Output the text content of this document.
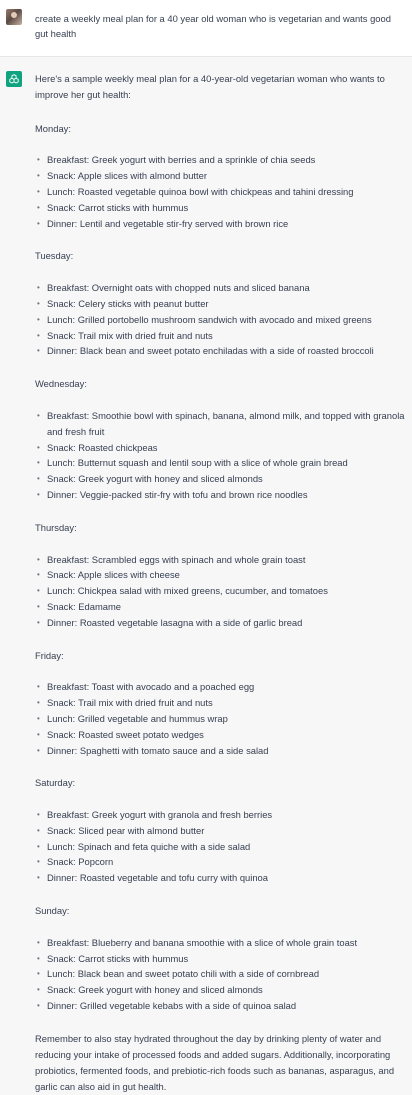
create a weekly meal plan for a 40 year old woman who is vegetarian and wants good gut health

Here's a sample weekly meal plan for a 40-year-old vegetarian woman who wants to improve her gut health:

Monday:

• Breakfast: Greek yogurt with berries and a sprinkle of chia seeds
• Snack: Apple slices with almond butter
• Lunch: Roasted vegetable quinoa bowl with chickpeas and tahini dressing
• Snack: Carrot sticks with hummus
• Dinner: Lentil and vegetable stir-fry served with brown rice

Tuesday:

• Breakfast: Overnight oats with chopped nuts and sliced banana
• Snack: Celery sticks with peanut butter
• Lunch: Grilled portobello mushroom sandwich with avocado and mixed greens
• Snack: Trail mix with dried fruit and nuts
• Dinner: Black bean and sweet potato enchiladas with a side of roasted broccoli

Wednesday:

• Breakfast: Smoothie bowl with spinach, banana, almond milk, and topped with granola and fresh fruit
• Snack: Roasted chickpeas
• Lunch: Butternut squash and lentil soup with a slice of whole grain bread
• Snack: Greek yogurt with honey and sliced almonds
• Dinner: Veggie-packed stir-fry with tofu and brown rice noodles

Thursday:

• Breakfast: Scrambled eggs with spinach and whole grain toast
• Snack: Apple slices with cheese
• Lunch: Chickpea salad with mixed greens, cucumber, and tomatoes
• Snack: Edamame
• Dinner: Roasted vegetable lasagna with a side of garlic bread

Friday:

• Breakfast: Toast with avocado and a poached egg
• Snack: Trail mix with dried fruit and nuts
• Lunch: Grilled vegetable and hummus wrap
• Snack: Roasted sweet potato wedges
• Dinner: Spaghetti with tomato sauce and a side salad

Saturday:

• Breakfast: Greek yogurt with granola and fresh berries
• Snack: Sliced pear with almond butter
• Lunch: Spinach and feta quiche with a side salad
• Snack: Popcorn
• Dinner: Roasted vegetable and tofu curry with quinoa

Sunday:

• Breakfast: Blueberry and banana smoothie with a slice of whole grain toast
• Snack: Carrot sticks with hummus
• Lunch: Black bean and sweet potato chili with a side of cornbread
• Snack: Greek yogurt with honey and sliced almonds
• Dinner: Grilled vegetable kebabs with a side of quinoa salad

Remember to also stay hydrated throughout the day by drinking plenty of water and reducing your intake of processed foods and added sugars. Additionally, incorporating probiotics, fermented foods, and prebiotic-rich foods such as bananas, asparagus, and garlic can also aid in gut health.
